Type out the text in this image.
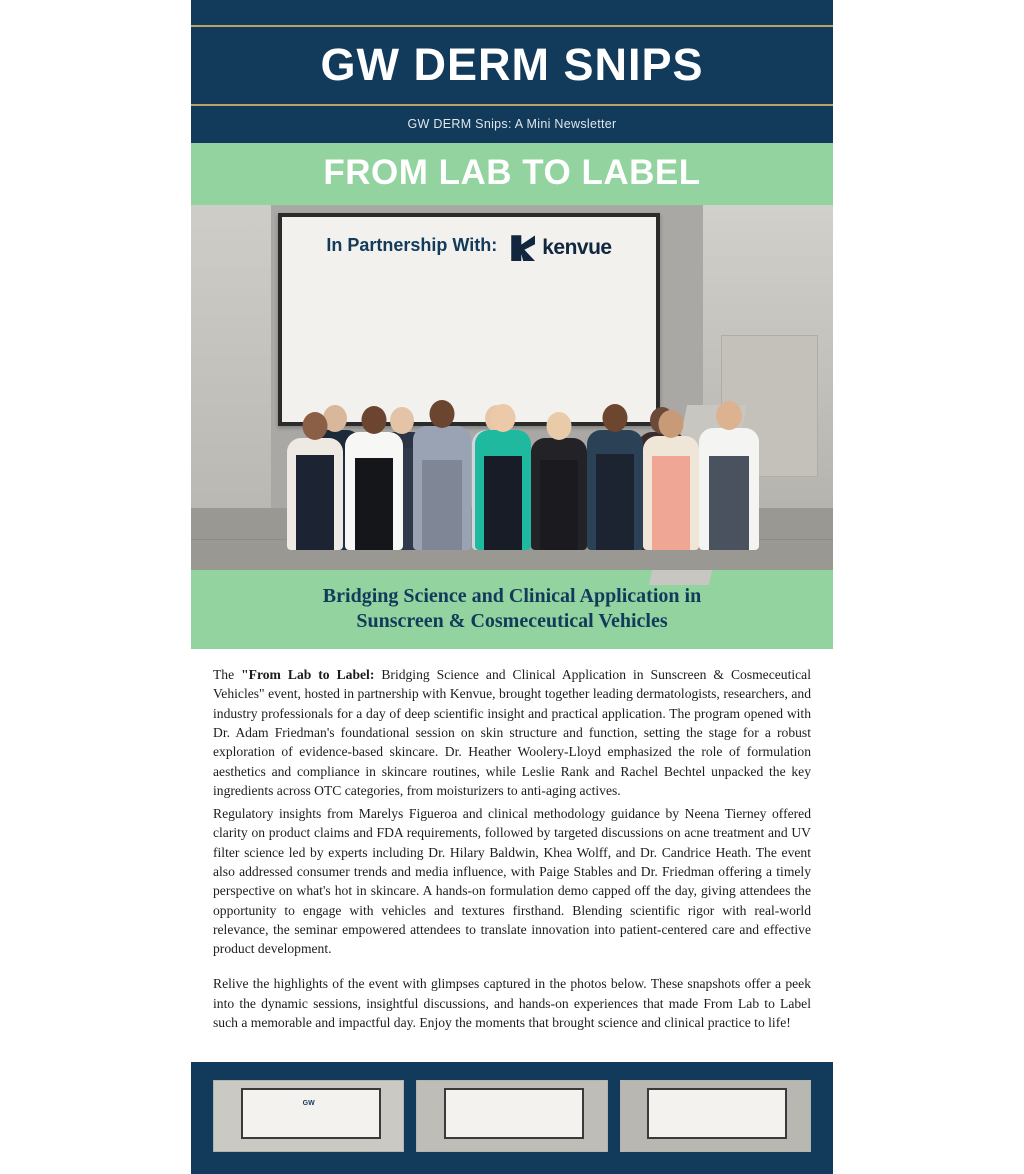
GW DERM SNIPS
GW DERM Snips: A Mini Newsletter
FROM LAB TO LABEL
In Partnership With: kenvue
Bridging Science and Clinical Application in
Sunscreen & Cosmeceutical Vehicles

The "From Lab to Label: Bridging Science and Clinical Application in Sunscreen & Cosmeceutical Vehicles" event, hosted in partnership with Kenvue, brought together leading dermatologists, researchers, and industry professionals for a day of deep scientific insight and practical application. The program opened with Dr. Adam Friedman's foundational session on skin structure and function, setting the stage for a robust exploration of evidence-based skincare. Dr. Heather Woolery-Lloyd emphasized the role of formulation aesthetics and compliance in skincare routines, while Leslie Rank and Rachel Bechtel unpacked the key ingredients across OTC categories, from moisturizers to anti-aging actives.

Regulatory insights from Marelys Figueroa and clinical methodology guidance by Neena Tierney offered clarity on product claims and FDA requirements, followed by targeted discussions on acne treatment and UV filter science led by experts including Dr. Hilary Baldwin, Khea Wolff, and Dr. Candrice Heath. The event also addressed consumer trends and media influence, with Paige Stables and Dr. Friedman offering a timely perspective on what's hot in skincare. A hands-on formulation demo capped off the day, giving attendees the opportunity to engage with vehicles and textures firsthand. Blending scientific rigor with real-world relevance, the seminar empowered attendees to translate innovation into patient-centered care and effective product development.

Relive the highlights of the event with glimpses captured in the photos below. These snapshots offer a peek into the dynamic sessions, insightful discussions, and hands-on experiences that made From Lab to Label such a memorable and impactful day. Enjoy the moments that brought science and clinical practice to life!

GW
